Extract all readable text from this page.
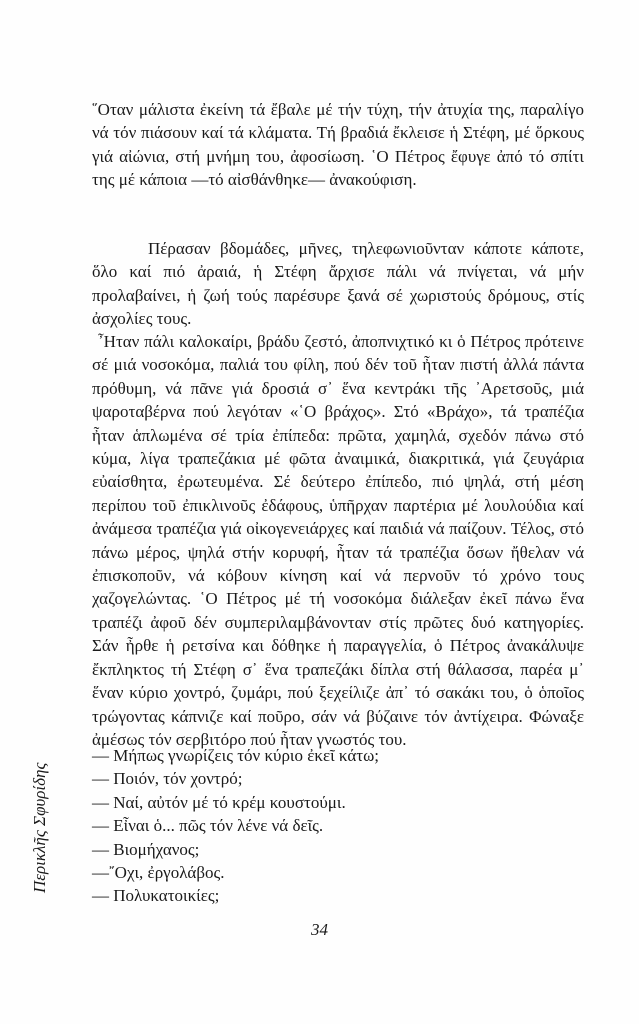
῞Οταν μάλιστα ἐκείνη τά ἔβαλε μέ τήν τύχη, τήν ἀτυχία της, παραλίγο νά τόν πιάσουν καί τά κλάματα. Τή βραδιά ἔκλεισε ἡ Στέφη, μέ ὅρκους γιά αἰώνια, στή μνήμη του, ἀφοσίωση. ῾Ο Πέτρος ἔφυγε ἀπό τό σπίτι της μέ κάποια —τό αἰσθάνθηκε— ἀνακούφιση.

Πέρασαν βδομάδες, μῆνες, τηλεφωνιοῦνταν κάποτε κάποτε, ὅλο καί πιό ἀραιά, ἡ Στέφη ἄρχισε πάλι νά πνίγεται, νά μήν προλαβαίνει, ἡ ζωή τούς παρέσυρε ξανά σέ χωριστούς δρόμους, στίς ἀσχολίες τους.

῏Ηταν πάλι καλοκαίρι, βράδυ ζεστό, ἀποπνιχτικό κι ὁ Πέτρος πρότεινε σέ μιά νοσοκόμα, παλιά του φίλη, πού δέν τοῦ ἦταν πιστή ἀλλά πάντα πρόθυμη, νά πᾶνε γιά δροσιά σ᾿ ἕνα κεντράκι τῆς ᾿Αρετσοῦς, μιά ψαροταβέρνα πού λεγόταν «῾Ο βράχος». Στό «Βράχο», τά τραπέζια ἦταν ἁπλωμένα σέ τρία ἐπίπεδα: πρῶτα, χαμηλά, σχεδόν πάνω στό κύμα, λίγα τραπεζάκια μέ φῶτα ἀναιμικά, διακριτικά, γιά ζευγάρια εὐαίσθητα, ἐρωτευμένα. Σέ δεύτερο ἐπίπεδο, πιό ψηλά, στή μέση περίπου τοῦ ἐπικλινοῦς ἐδάφους, ὑπῆρχαν παρτέρια μέ λουλούδια καί ἀνάμεσα τραπέζια γιά οἰκογενειάρχες καί παιδιά νά παίζουν. Τέλος, στό πάνω μέρος, ψηλά στήν κορυφή, ἦταν τά τραπέζια ὅσων ἤθελαν νά ἐπισκοποῦν, νά κόβουν κίνηση καί νά περνοῦν τό χρόνο τους χαζογελώντας. ῾Ο Πέτρος μέ τή νοσοκόμα διάλεξαν ἐκεῖ πάνω ἕνα τραπέζι ἀφοῦ δέν συμπεριλαμβάνονταν στίς πρῶτες δυό κατηγορίες. Σάν ἦρθε ἡ ρετσίνα και δόθηκε ἡ παραγγελία, ὁ Πέτρος ἀνακάλυψε ἔκπληκτος τή Στέφη σ᾿ ἕνα τραπεζάκι δίπλα στή θάλασσα, παρέα μ᾿ ἕναν κύριο χοντρό, ζυμάρι, πού ξεχείλιζε ἀπ᾿ τό σακάκι του, ὁ ὁποῖος τρώγοντας κάπνιζε καί ποῦρο, σάν νά βύζαινε τόν ἀντίχειρα. Φώναξε ἀμέσως τόν σερβιτόρο πού ἦταν γνωστός του.

— Μήπως γνωρίζεις τόν κύριο ἐκεῖ κάτω;
— Ποιόν, τόν χοντρό;
— Ναί, αὐτόν μέ τό κρέμ κουστούμι.
— Εἶναι ὁ... πῶς τόν λένε νά δεῖς.
— Βιομήχανος;
—῎Οχι, ἐργολάβος.
— Πολυκατοικίες;
34
Περικλῆς Σφυρίδης
